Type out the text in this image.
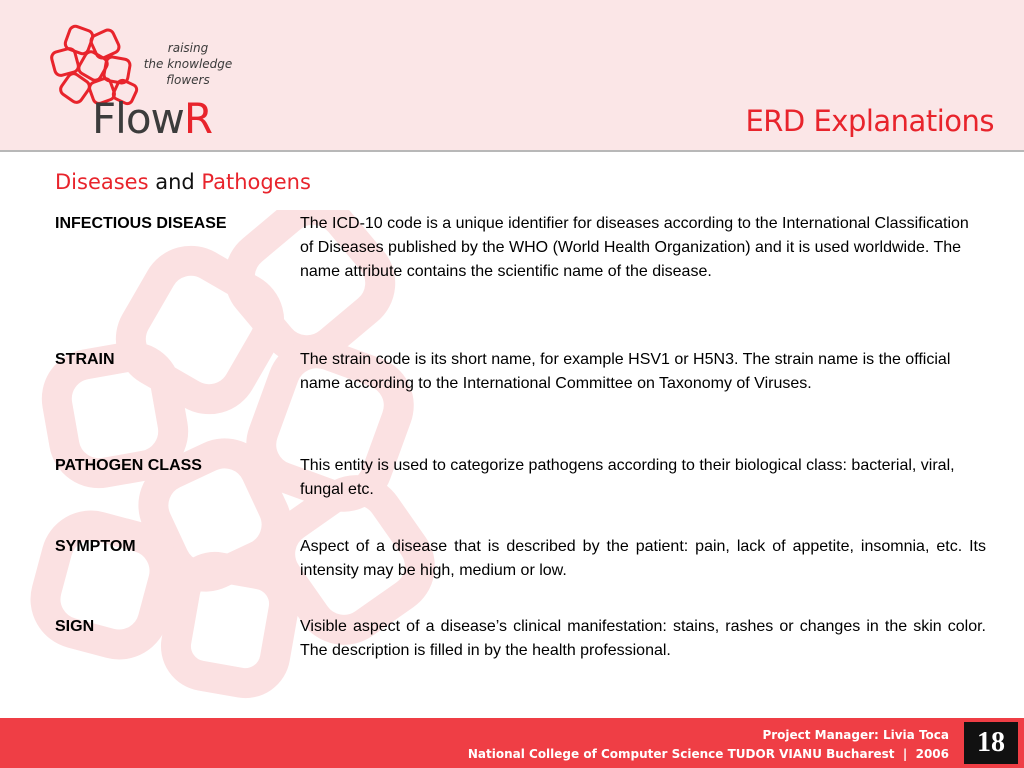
raising
the knowledge
flowers
FlowR	ERD Explanations
Diseases and Pathogens
INFECTIOUS DISEASE	The ICD-10 code is a unique identifier for diseases according to the International Classification of Diseases published by the WHO (World Health Organization) and it is used worldwide. The name attribute contains the scientific name of the disease.
STRAIN	The strain code is its short name, for example HSV1 or H5N3. The strain name is the official name according to the International Committee on Taxonomy of Viruses.
PATHOGEN CLASS	This entity is used to categorize pathogens according to their biological class: bacterial, viral, fungal etc.
SYMPTOM	Aspect of a disease that is described by the patient: pain, lack of appetite, insomnia, etc. Its intensity may be high, medium or low.
SIGN	Visible aspect of a disease’s clinical manifestation: stains, rashes or changes in the skin color. The description is filled in by the health professional.
Project Manager: Livia Toca
National College of Computer Science TUDOR VIANU Bucharest  |  2006	18
